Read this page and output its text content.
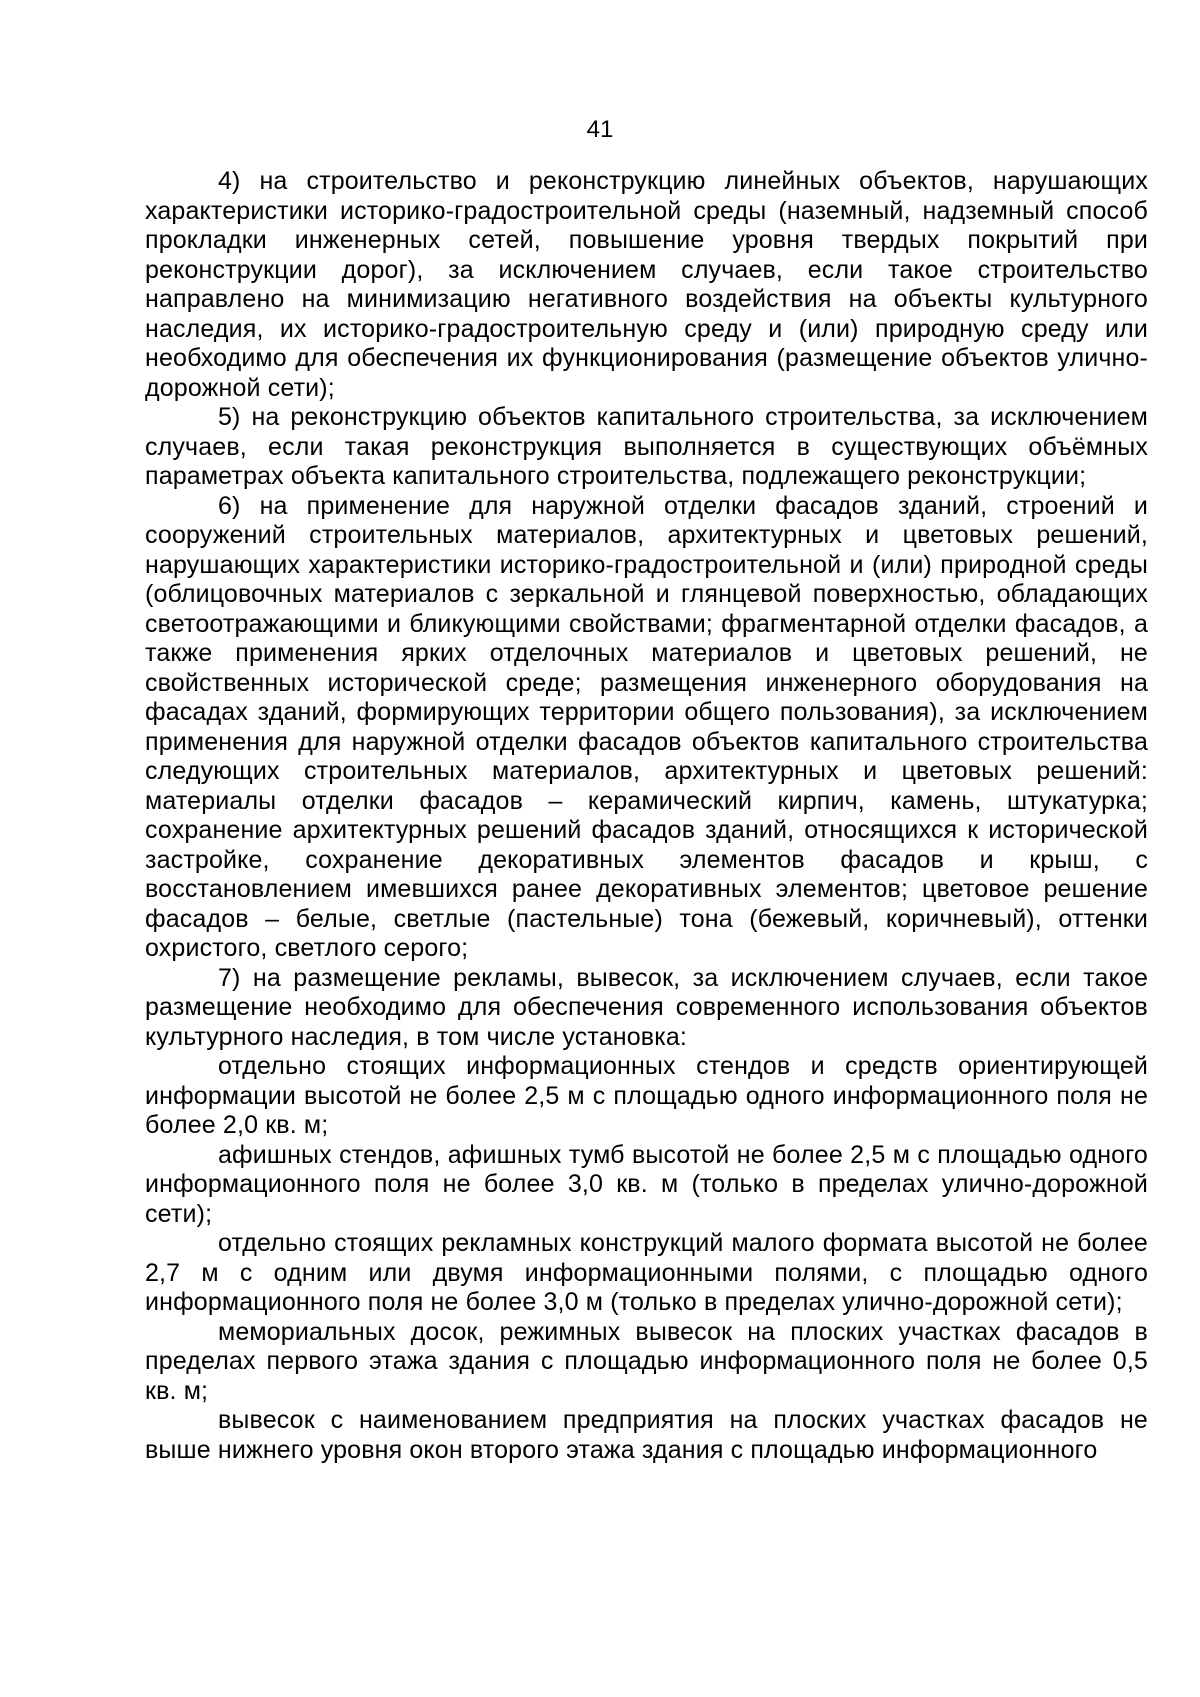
41

4) на строительство и реконструкцию линейных объектов, нарушающих характеристики историко-градостроительной среды (наземный, надземный способ прокладки инженерных сетей, повышение уровня твердых покрытий при реконструкции дорог), за исключением случаев, если такое строительство направлено на минимизацию негативного воздействия на объекты культурного наследия, их историко-градостроительную среду и (или) природную среду или необходимо для обеспечения их функционирования (размещение объектов улично-дорожной сети);

5) на реконструкцию объектов капитального строительства, за исключением случаев, если такая реконструкция выполняется в существующих объёмных параметрах объекта капитального строительства, подлежащего реконструкции;

6) на применение для наружной отделки фасадов зданий, строений и сооружений строительных материалов, архитектурных и цветовых решений, нарушающих характеристики историко-градостроительной и (или) природной среды (облицовочных материалов с зеркальной и глянцевой поверхностью, обладающих светоотражающими и бликующими свойствами; фрагментарной отделки фасадов, а также применения ярких отделочных материалов и цветовых решений, не свойственных исторической среде; размещения инженерного оборудования на фасадах зданий, формирующих территории общего пользования), за исключением применения для наружной отделки фасадов объектов капитального строительства следующих строительных материалов, архитектурных и цветовых решений: материалы отделки фасадов – керамический кирпич, камень, штукатурка; сохранение архитектурных решений фасадов зданий, относящихся к исторической застройке, сохранение декоративных элементов фасадов и крыш, с восстановлением имевшихся ранее декоративных элементов; цветовое решение фасадов – белые, светлые (пастельные) тона (бежевый, коричневый), оттенки охристого, светлого серого;

7) на размещение рекламы, вывесок, за исключением случаев, если такое размещение необходимо для обеспечения современного использования объектов культурного наследия, в том числе установка:

отдельно стоящих информационных стендов и средств ориентирующей информации высотой не более 2,5 м с площадью одного информационного поля не более 2,0 кв. м;

афишных стендов, афишных тумб высотой не более 2,5 м с площадью одного информационного поля не более 3,0 кв. м (только в пределах улично-дорожной сети);

отдельно стоящих рекламных конструкций малого формата высотой не более 2,7 м с одним или двумя информационными полями, с площадью одного информационного поля не более 3,0 м (только в пределах улично-дорожной сети);

мемориальных досок, режимных вывесок на плоских участках фасадов в пределах первого этажа здания с площадью информационного поля не более 0,5 кв. м;

вывесок с наименованием предприятия на плоских участках фасадов не выше нижнего уровня окон второго этажа здания с площадью информационного
